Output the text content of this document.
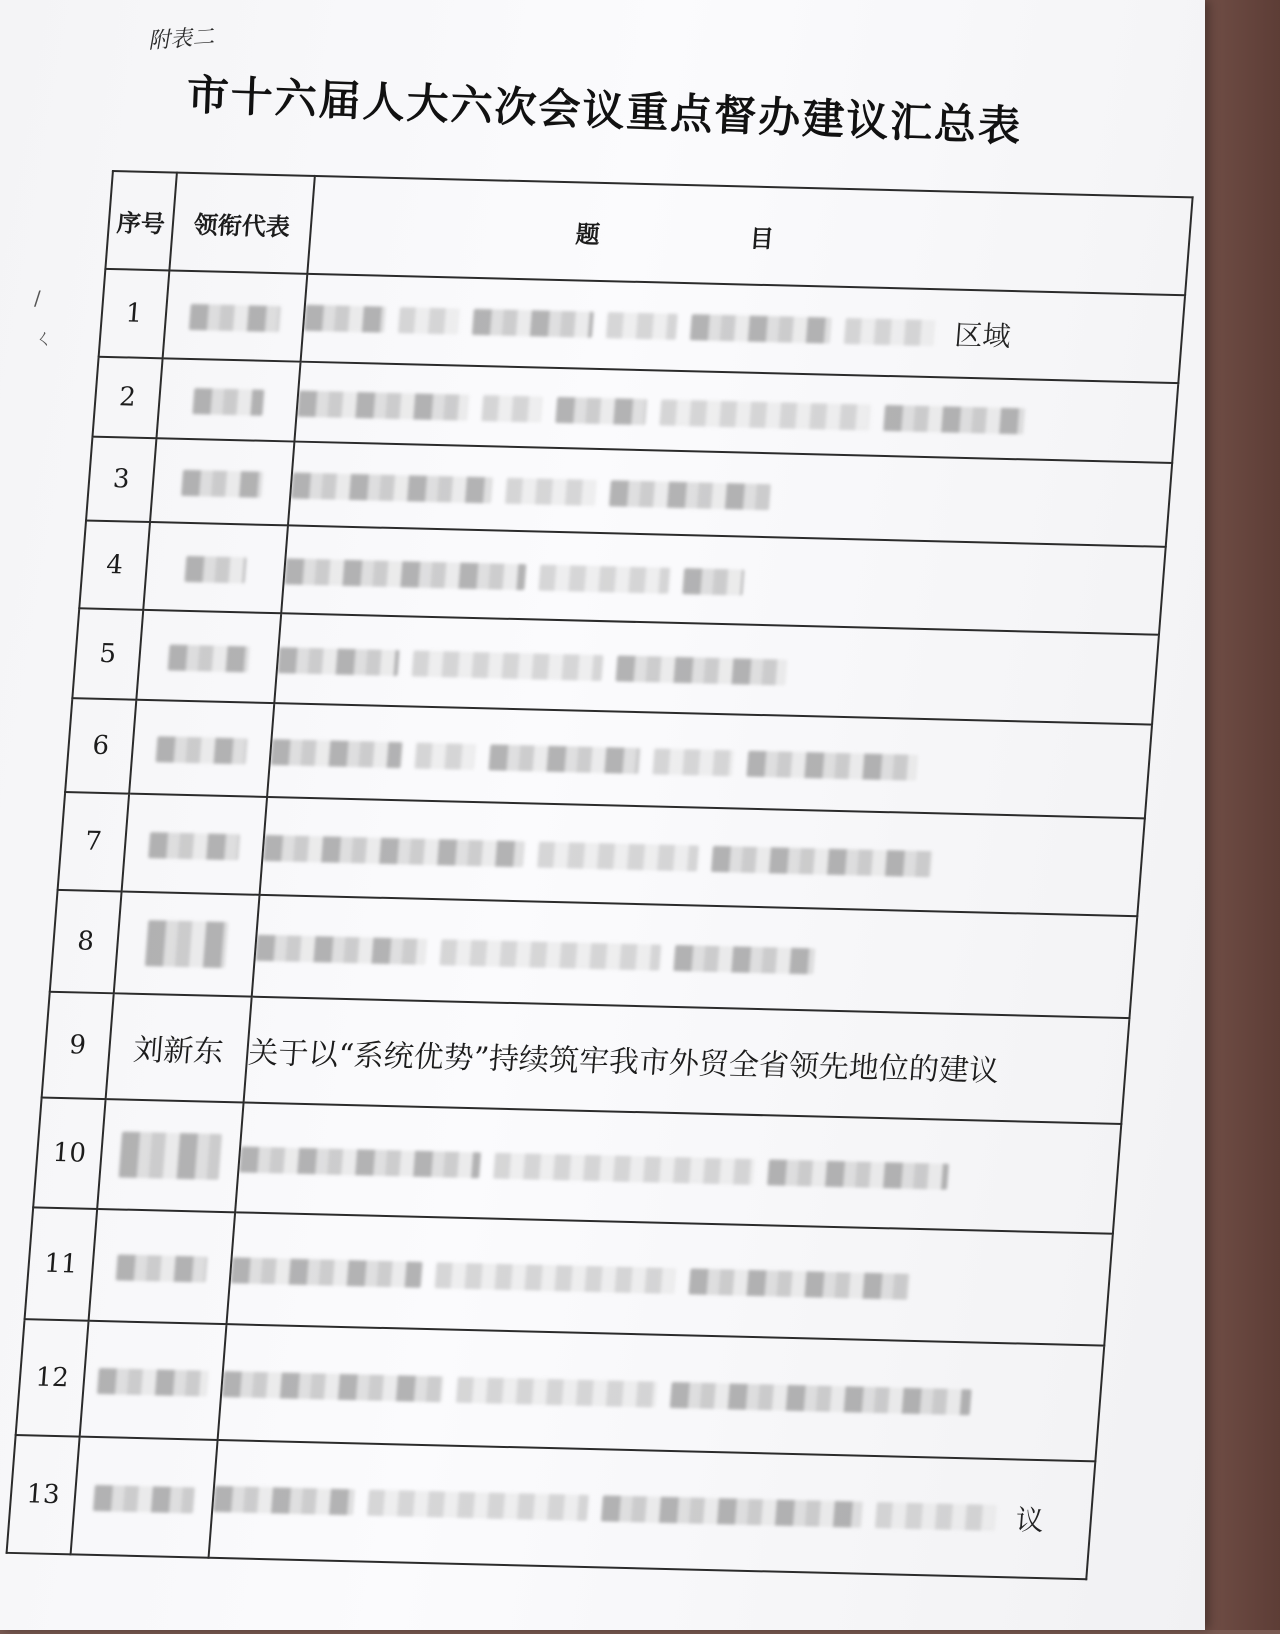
附表二
市十六届人大六次会议重点督办建议汇总表
/
ㄑ
序号	领衔代表	题目
1		区域
2		
3		
4		
5		
6		
7		
8		
9	刘新东	关于以“系统优势”持续筑牢我市外贸全省领先地位的建议
10		
11		
12		
13		议
